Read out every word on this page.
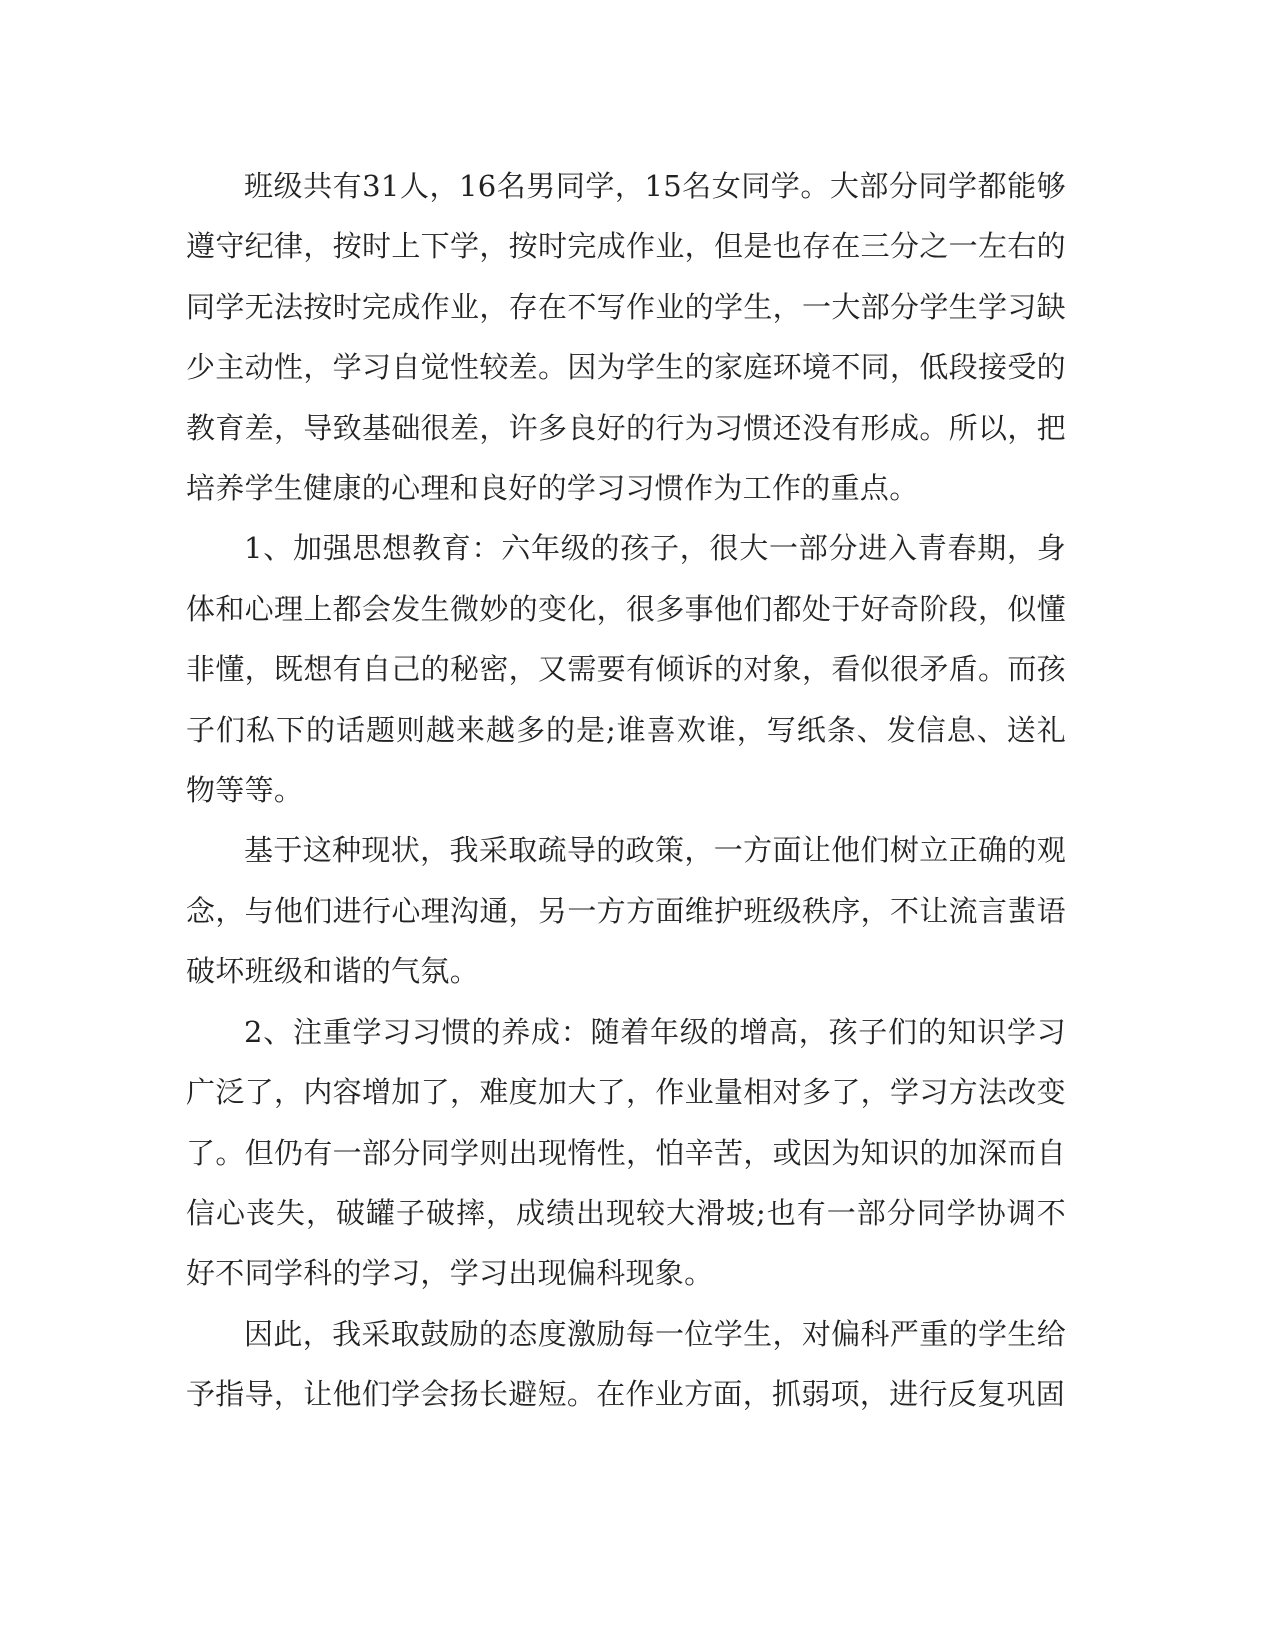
班级共有31人，16名男同学，15名女同学。大部分同学都能够遵守纪律，按时上下学，按时完成作业，但是也存在三分之一左右的同学无法按时完成作业，存在不写作业的学生，一大部分学生学习缺少主动性，学习自觉性较差。因为学生的家庭环境不同，低段接受的教育差，导致基础很差，许多良好的行为习惯还没有形成。所以，把培养学生健康的心理和良好的学习习惯作为工作的重点。

1、加强思想教育：六年级的孩子，很大一部分进入青春期，身体和心理上都会发生微妙的变化，很多事他们都处于好奇阶段，似懂非懂，既想有自己的秘密，又需要有倾诉的对象，看似很矛盾。而孩子们私下的话题则越来越多的是;谁喜欢谁，写纸条、发信息、送礼物等等。

基于这种现状，我采取疏导的政策，一方面让他们树立正确的观念，与他们进行心理沟通，另一方方面维护班级秩序，不让流言蜚语破坏班级和谐的气氛。

2、注重学习习惯的养成：随着年级的增高，孩子们的知识学习广泛了，内容增加了，难度加大了，作业量相对多了，学习方法改变了。但仍有一部分同学则出现惰性，怕辛苦，或因为知识的加深而自信心丧失，破罐子破摔，成绩出现较大滑坡;也有一部分同学协调不好不同学科的学习，学习出现偏科现象。

因此，我采取鼓励的态度激励每一位学生，对偏科严重的学生给予指导，让他们学会扬长避短。在作业方面，抓弱项，进行反复巩固
